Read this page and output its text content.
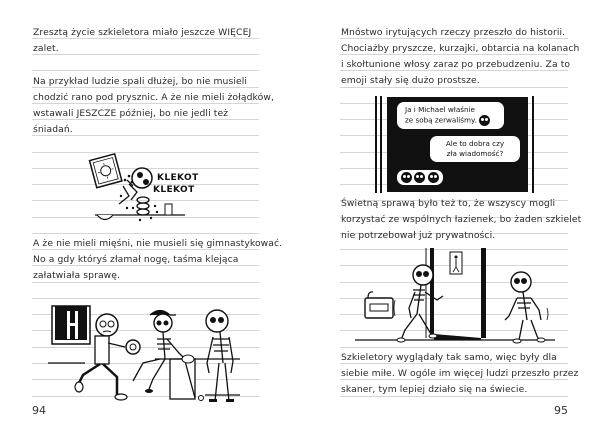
Zresztą życie szkieletora miało jeszcze WIĘCEJ
zalet.
Na przykład ludzie spali dłużej, bo nie musieli
chodzić rano pod prysznic. A że nie mieli żołądków,
wstawali JESZCZE później, bo nie jedli też
śniadań.
KLEKOT
KLEKOT
A że nie mieli mięśni, nie musieli się gimnastykować.
No a gdy któryś złamał nogę, taśma klejąca
załatwiała sprawę.
94
Mnóstwo irytujących rzeczy przeszło do historii.
Chociażby pryszcze, kurzajki, obtarcia na kolanach
i skołtunione włosy zaraz po przebudzeniu. Za to
emoji stały się dużo prostsze.
Ja i Michael właśnie
ze sobą zerwaliśmy.
Ale to dobra czy
zła wiadomość?

Świetną sprawą było też to, że wszyscy mogli
korzystać ze wspólnych łazienek, bo żaden szkielet
nie potrzebował już prywatności.
Szkieletory wyglądały tak samo, więc były dla
siebie miłe. W ogóle im więcej ludzi przeszło przez
skaner, tym lepiej działo się na świecie.
95
